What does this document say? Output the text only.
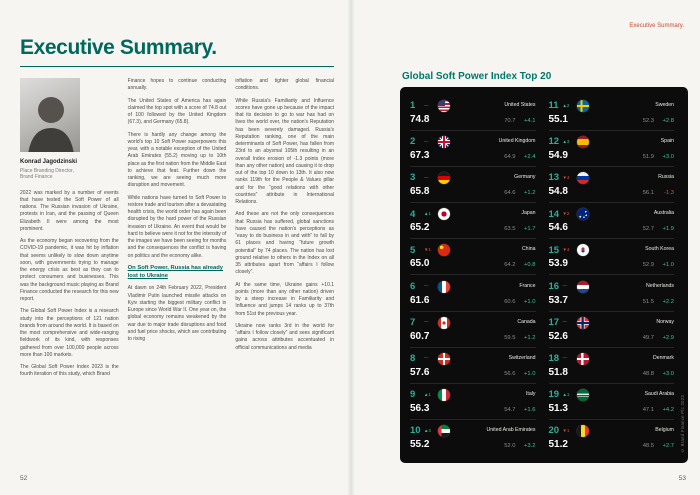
Executive Summary.
Konrad Jagodzinski
Place Branding Director,
Brand Finance

2022 was marked by a number of events that have tested the Soft Power of all nations. The Russian invasion of Ukraine, protests in Iran, and the passing of Queen Elizabeth II were among the most prominent.

As the economy began recovering from the COVID-19 pandemic, it was hit by inflation that seems unlikely to slow down anytime soon, with governments trying to manage the energy crisis as best as they can to protect consumers and businesses. This was the background music playing as Brand Finance conducted the research for this new report.

The Global Soft Power Index is a research study into the perceptions of 121 nation brands from around the world. It is based on the most comprehensive and wide-ranging fieldwork of its kind, with responses gathered from over 100,000 people across more than 100 markets.

The Global Soft Power Index 2023 is the fourth iteration of this study, which Brand

Finance hopes to continue conducting annually.

The United States of America has again claimed the top spot with a score of 74.8 out of 100 followed by the United Kingdom (67.3), and Germany (65.8).

There is hardly any change among the world’s top 10 Soft Power superpowers this year, with a notable exception of the United Arab Emirates (55.2) moving up to 10th place as the first nation from the Middle East to achieve that feat. Further down the ranking, we are seeing much more disruption and movement.

While nations have turned to Soft Power to restore trade and tourism after a devastating health crisis, the world order has again been disrupted by the hard power of the Russian invasion of Ukraine. An event that would be hard to believe were it not for the intensity of the images we have been seeing for months and the consequences the conflict is having on politics and the economy alike.

On Soft Power, Russia has already lost to Ukraine

At dawn on 24th February 2022, President Vladimir Putin launched missile attacks on Kyiv starting the biggest military conflict in Europe since World War II. One year on, the global economy remains weakened by the war due to major trade disruptions and food and fuel price shocks, which are contributing to rising

inflation and tighter global financial conditions.

While Russia’s Familiarity and Influence scores have gone up because of the impact that its decision to go to war has had on lives the world over, the nation’s Reputation has been severely damaged. Russia’s Reputation ranking, one of the main determinants of Soft Power, has fallen from 23rd to an abysmal 105th resulting in an overall Index erosion of -1.3 points (more than any other nation) and causing it to drop out of the top 10 down to 13th. It also now ranks 119th for the People & Values pillar and for the “good relations with other countries” attribute in International Relations.

And these are not the only consequences that Russia has suffered, global sanctions have caused the nation’s perceptions as “easy to do business in and with” to fall by 61 places and having “future growth potential” by 74 places. The nation has lost ground relative to others in the Index on all 35 attributes apart from “affairs I follow closely”.

At the same time, Ukraine gains +10.1 points (more than any other nation) driven by a steep increase in Familiarity and Influence and jumps 14 ranks up to 37th from 51st the previous year.

Ukraine now ranks 3rd in the world for “affairs I follow closely” and sees significant gains across attributes accentuated in official communications and media

52
Executive Summary.
Global Soft Power Index Top 20
1	—	United States
74.8	70.7	+4.1
2	—	United Kingdom
67.3	64.9	+2.4
3	—	Germany
65.8	64.6	+1.2
4	▲1	Japan
65.2	63.5	+1.7
5	▼1	China
65.0	64.2	+0.8
6	—	France
61.6	60.6	+1.0
7	—	Canada
60.7	59.5	+1.2
8	—	Switzerland
57.6	56.6	+1.0
9	▲1	Italy
56.3	54.7	+1.6
10 ▲4	United Arab Emirates
55.2	52.0	+3.2
11 ▲2	Sweden
55.1	52.3	+2.8
12 ▲3	Spain
54.9	51.9	+3.0
13 ▼4	Russia
54.8	56.1	-1.3
14 ▼2	Australia
54.6	52.7	+1.9
15 ▼4	South Korea
53.9	52.9	+1.0
16 —	Netherlands
53.7	51.5	+2.2
17 —	Norway
52.6	49.7	+2.9
18 —	Denmark
51.8	48.8	+3.0
19 ▲1	Saudi Arabia
51.3	47.1	+4.2
20 ▼1	Belgium
51.2	48.5	+2.7 © Brand Finance Plc 2023
53
